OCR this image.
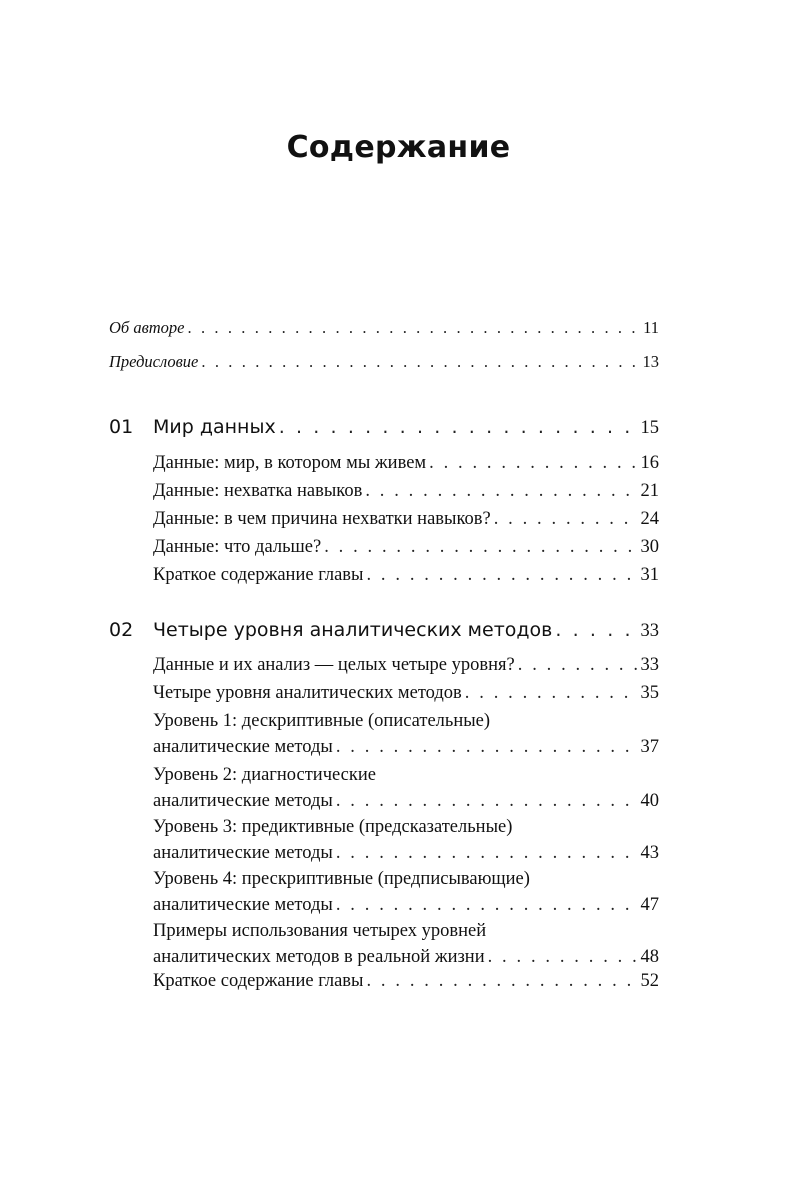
Содержание
Об авторе . . .	11
Предисловие . . .	13
01 Мир данных . . .	15
Данные: мир, в котором мы живем . . .	16
Данные: нехватка навыков . . .	21
Данные: в чем причина нехватки навыков? . . .	24
Данные: что дальше? . . .	30
Краткое содержание главы . . .	31
02 Четыре уровня аналитических методов . . .	33
Данные и их анализ — целых четыре уровня? . . .	33
Четыре уровня аналитических методов . . .	35
Уровень 1: дескриптивные (описательные)
аналитические методы . . .	37
Уровень 2: диагностические
аналитические методы . . .	40
Уровень 3: предиктивные (предсказательные)
аналитические методы . . .	43
Уровень 4: прескриптивные (предписывающие)
аналитические методы . . .	47
Примеры использования четырех уровней
аналитических методов в реальной жизни . . .	48
Краткое содержание главы . . .	52
